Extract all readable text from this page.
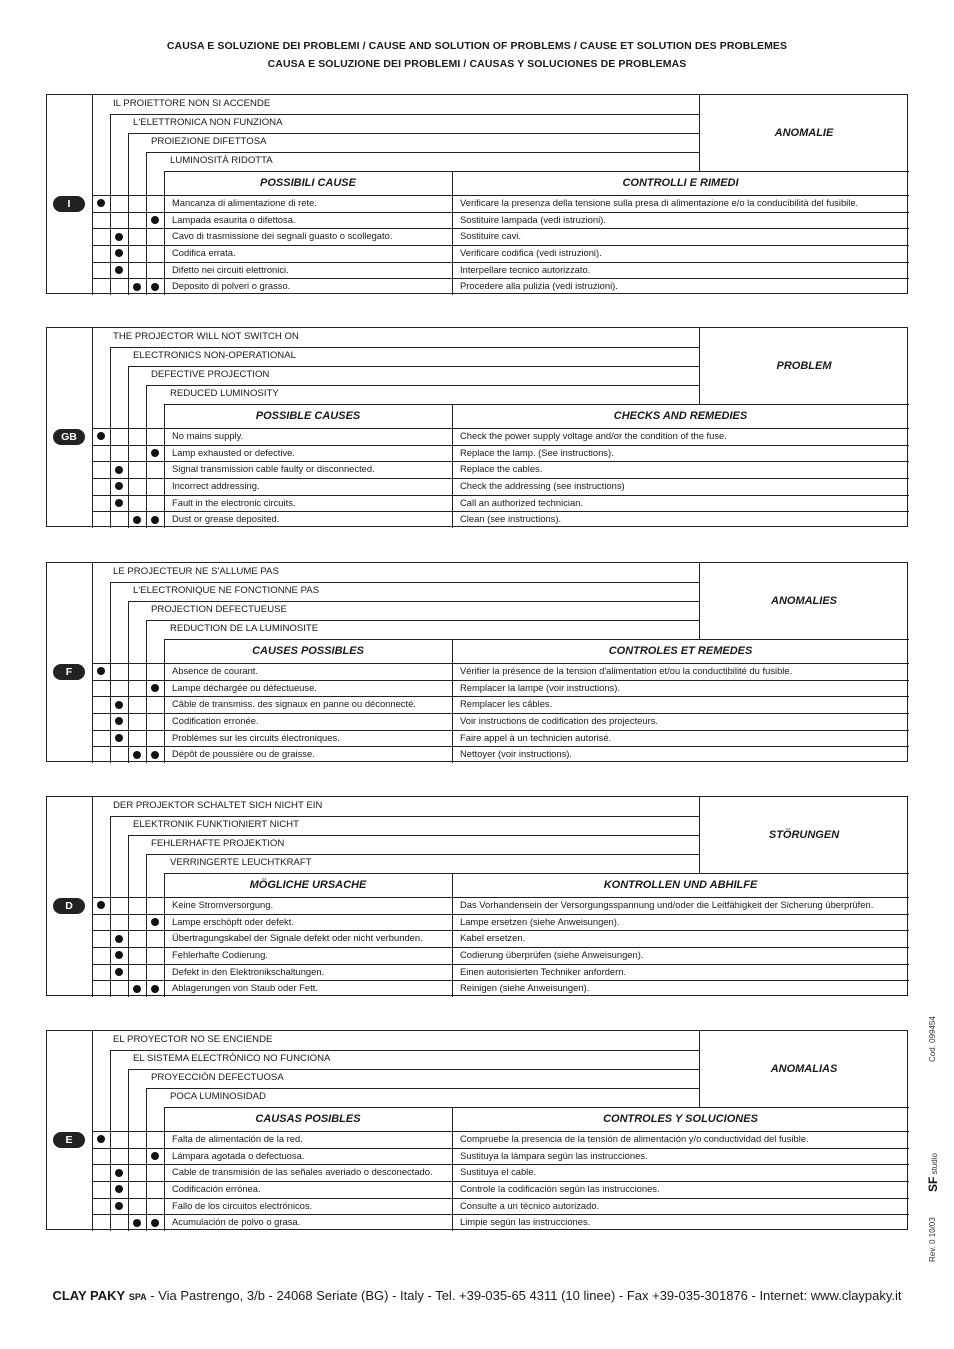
CAUSA E SOLUZIONE DEI PROBLEMI / CAUSE AND SOLUTION OF PROBLEMS / CAUSE ET SOLUTION DES PROBLEMES
CAUSA E SOLUZIONE DEI PROBLEMI / CAUSAS Y SOLUCIONES DE PROBLEMAS
I
IL PROIETTORE NON SI ACCENDE
L'ELETTRONICA NON FUNZIONA
PROIEZIONE DIFETTOSA
LUMINOSITÀ RIDOTTA
ANOMALIE
POSSIBILI CAUSE	CONTROLLI E RIMEDI
Mancanza di alimentazione di rete.	Verificare la presenza della tensione sulla presa di alimentazione e/o la conducibilità del fusibile.
Lampada esaurita o difettosa.	Sostituire lampada (vedi istruzioni).
Cavo di trasmissione dei segnali guasto o scollegato.	Sostituire cavi.
Codifica errata.	Verificare codifica (vedi istruzioni).
Difetto nei circuiti elettronici.	Interpellare tecnico autorizzato.
Deposito di polveri o grasso.	Procedere alla pulizia (vedi istruzioni).
GB
THE PROJECTOR WILL NOT SWITCH ON
ELECTRONICS NON-OPERATIONAL
DEFECTIVE PROJECTION
REDUCED LUMINOSITY
PROBLEM
POSSIBLE CAUSES	CHECKS AND REMEDIES
No mains supply.	Check the power supply voltage and/or the condition of the fuse.
Lamp exhausted or defective.	Replace the lamp. (See instructions).
Signal transmission cable faulty or disconnected.	Replace the cables.
Incorrect addressing.	Check the addressing (see instructions)
Fault in the electronic circuits.	Call an authorized technician.
Dust or grease deposited.	Clean (see instructions).
F
LE PROJECTEUR NE S'ALLUME PAS
L'ELECTRONIQUE NE FONCTIONNE PAS
PROJECTION DEFECTUEUSE
REDUCTION DE LA LUMINOSITE
ANOMALIES
CAUSES POSSIBLES	CONTROLES ET REMEDES
Absence de courant.	Vérifier la présence de la tension d'alimentation et/ou la conductibilité du fusible.
Lampe déchargée ou défectueuse.	Remplacer la lampe (voir instructions).
Câble de transmiss. des signaux en panne ou déconnecté.	Remplacer les câbles.
Codification erronée.	Voir instructions de codification des projecteurs.
Problèmes sur les circuits électroniques.	Faire appel à un technicien autorisé.
Dépôt de poussière ou de graisse.	Nettoyer (voir instructions).
D
DER PROJEKTOR SCHALTET SICH NICHT EIN
ELEKTRONIK FUNKTIONIERT NICHT
FEHLERHAFTE PROJEKTION
VERRINGERTE LEUCHTKRAFT
STÖRUNGEN
MÖGLICHE URSACHE	KONTROLLEN UND ABHILFE
Keine Stromversorgung.	Das Vorhandensein der Versorgungsspannung und/oder die Leitfähigkeit der Sicherung überprüfen.
Lampe erschöpft oder defekt.	Lampe ersetzen (siehe Anweisungen).
Übertragungskabel der Signale defekt oder nicht verbunden.	Kabel ersetzen.
Fehlerhafte Codierung.	Codierung überprüfen (siehe Anweisungen).
Defekt in den Elektronikschaltungen.	Einen autorisierten Techniker anfordern.
Ablagerungen von Staub oder Fett.	Reinigen (siehe Anweisungen).
E
EL PROYECTOR NO SE ENCIENDE
EL SISTEMA ELECTRÓNICO NO FUNCIONA
PROYECCIÓN DEFECTUOSA
POCA LUMINOSIDAD
ANOMALIAS
CAUSAS POSIBLES	CONTROLES Y SOLUCIONES
Falta de alimentación de la red.	Compruebe la presencia de la tensión de alimentación y/o conductividad del fusible.
Lámpara agotada o defectuosa.	Sustituya la lámpara según las instrucciones.
Cable de transmisión de las señales averiado o desconectado.	Sustituya el cable.
Codificación errónea.	Controle la codificación según las instrucciones.
Fallo de los circuitos electrónicos.	Consulte a un técnico autorizado.
Acumulación de polvo o grasa.	Limpie según las instrucciones.
CLAY PAKY SPA - Via Pastrengo, 3/b - 24068 Seriate (BG) - Italy - Tel. +39-035-65 4311 (10 linee) - Fax +39-035-301876 - Internet: www.claypaky.it
Cod. 099454
SF studio
Rev. 0 10/03
